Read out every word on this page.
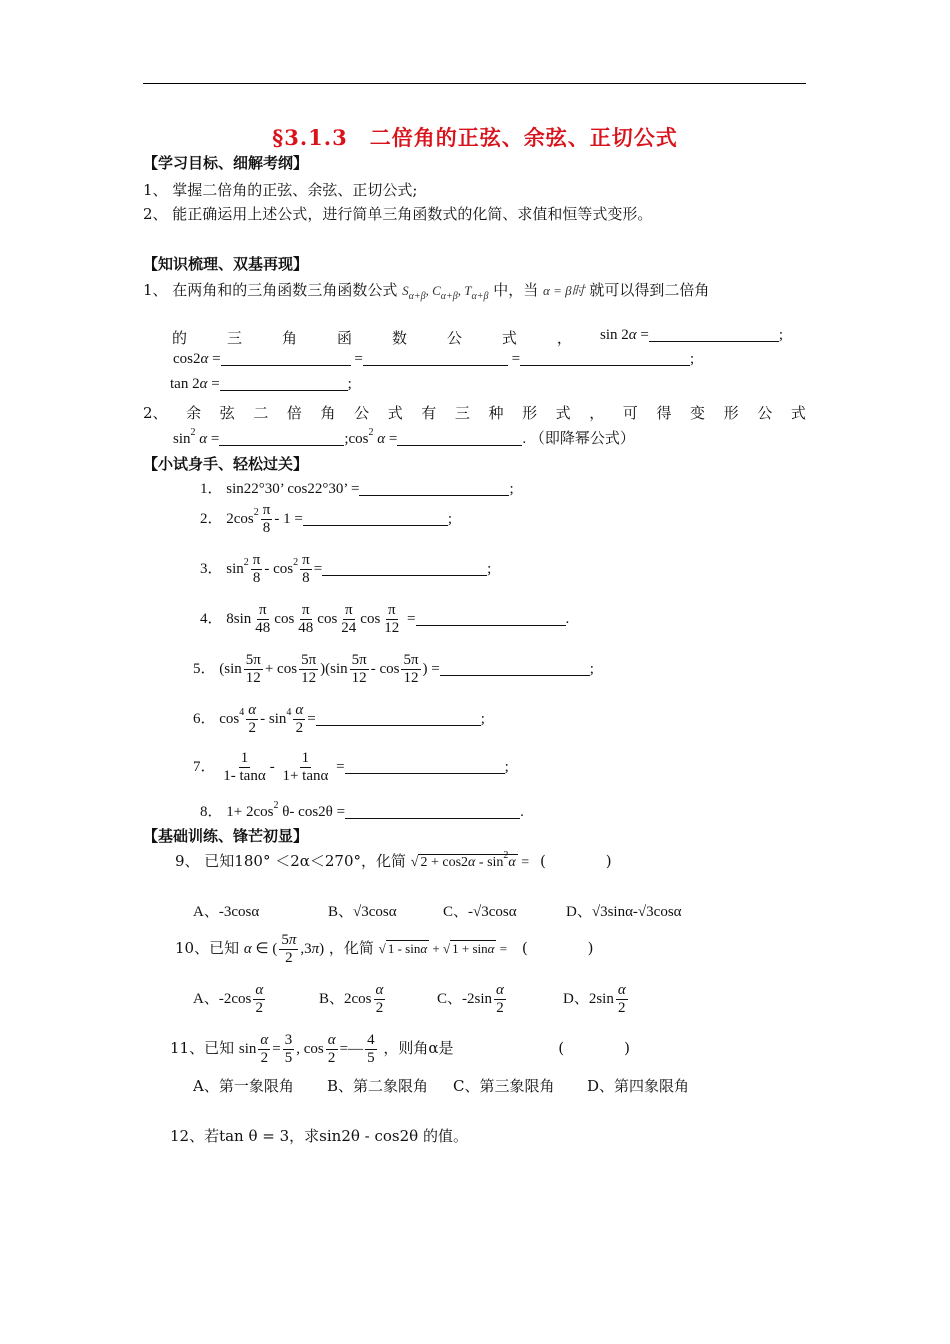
§3.1.3　二倍角的正弦、余弦、正切公式
【学习目标、细解考纲】
1、 掌握二倍角的正弦、余弦、正切公式;
2、 能正确运用上述公式，进行简单三角函数式的化简、求值和恒等式变形。
【知识梳理、双基再现】
1、 在两角和的三角函数三角函数公式 $S_{\alpha+\beta}$, $C_{\alpha+\beta}$, $T_{\alpha+\beta}$ 中，当 α = β时 就可以得到二倍角
的	三	角	函	数	公	式	， sin 2α =	;
cos2α =	=	=	;
tan 2α =	;
2、 余 弦 二 倍 角 公 式 有 三 种 形 式 ， 可 得 变 形 公 式
$\sin^2 \alpha$ =	$;\cos^2$ α =	. （即降幂公式）
【小试身手、轻松过关】
1． sin22°30’ cos22°30’ =	;
2． $2\cos^2 \frac{\pi}{8} - 1$ =	;
3． $\sin^2 \frac{\pi}{8} - \cos^2 \frac{\pi}{8}$ =	;
4． $8\sin \frac{\pi}{48}$ $\cos \frac{\pi}{48}$ $\cos \frac{\pi}{24}$ $\cos \frac{\pi}{12}$ =	.
5． $(\sin \frac{5\pi}{12} + \cos \frac{5\pi}{12} )(\sin \frac{5\pi}{12} - \cos \frac{5\pi}{12}$ ) =	;
6． $\cos^4 \frac{\alpha}{2} - \sin^4 \frac{\alpha}{2}$ =	;
7． $\frac{1}{1- \tan\alpha} - \frac{1}{1+ \tan\alpha}$ =	;
8． $1+ 2\cos^2$ θ- cos2θ =	.
【基础训练、锋芒初显】
9、 已知180° ＜2α＜270°，化简 √ $2 + \cos 2\alpha - \sin^2\alpha$ = (　　　　)
A、-3cosα	B、√3cosα	C、-√3cosα	D、√3sinα-√3cosα
10、已知 α ∈ ( $\frac{5\pi}{2} ,3\pi$) ，化简 √ 1 - sinα + √ 1 + sinα = (　　　　)
A、$-2\cos \frac{\alpha}{2}$	B、$2\cos \frac{\alpha}{2}$	C、$-2\sin \frac{\alpha}{2}$	D、$2\sin \frac{\alpha}{2}$
11、已知 $\sin \frac{\alpha}{2} = \frac{3}{5}$ , $\cos \frac{\alpha}{2}$ =— $\frac{4}{5}$ ，则角α是	(　　　　)
A、第一象限角 B、第二象限角 C、第三象限角 D、第四象限角
12、若tan θ = 3，求sin2θ - cos2θ 的值。
